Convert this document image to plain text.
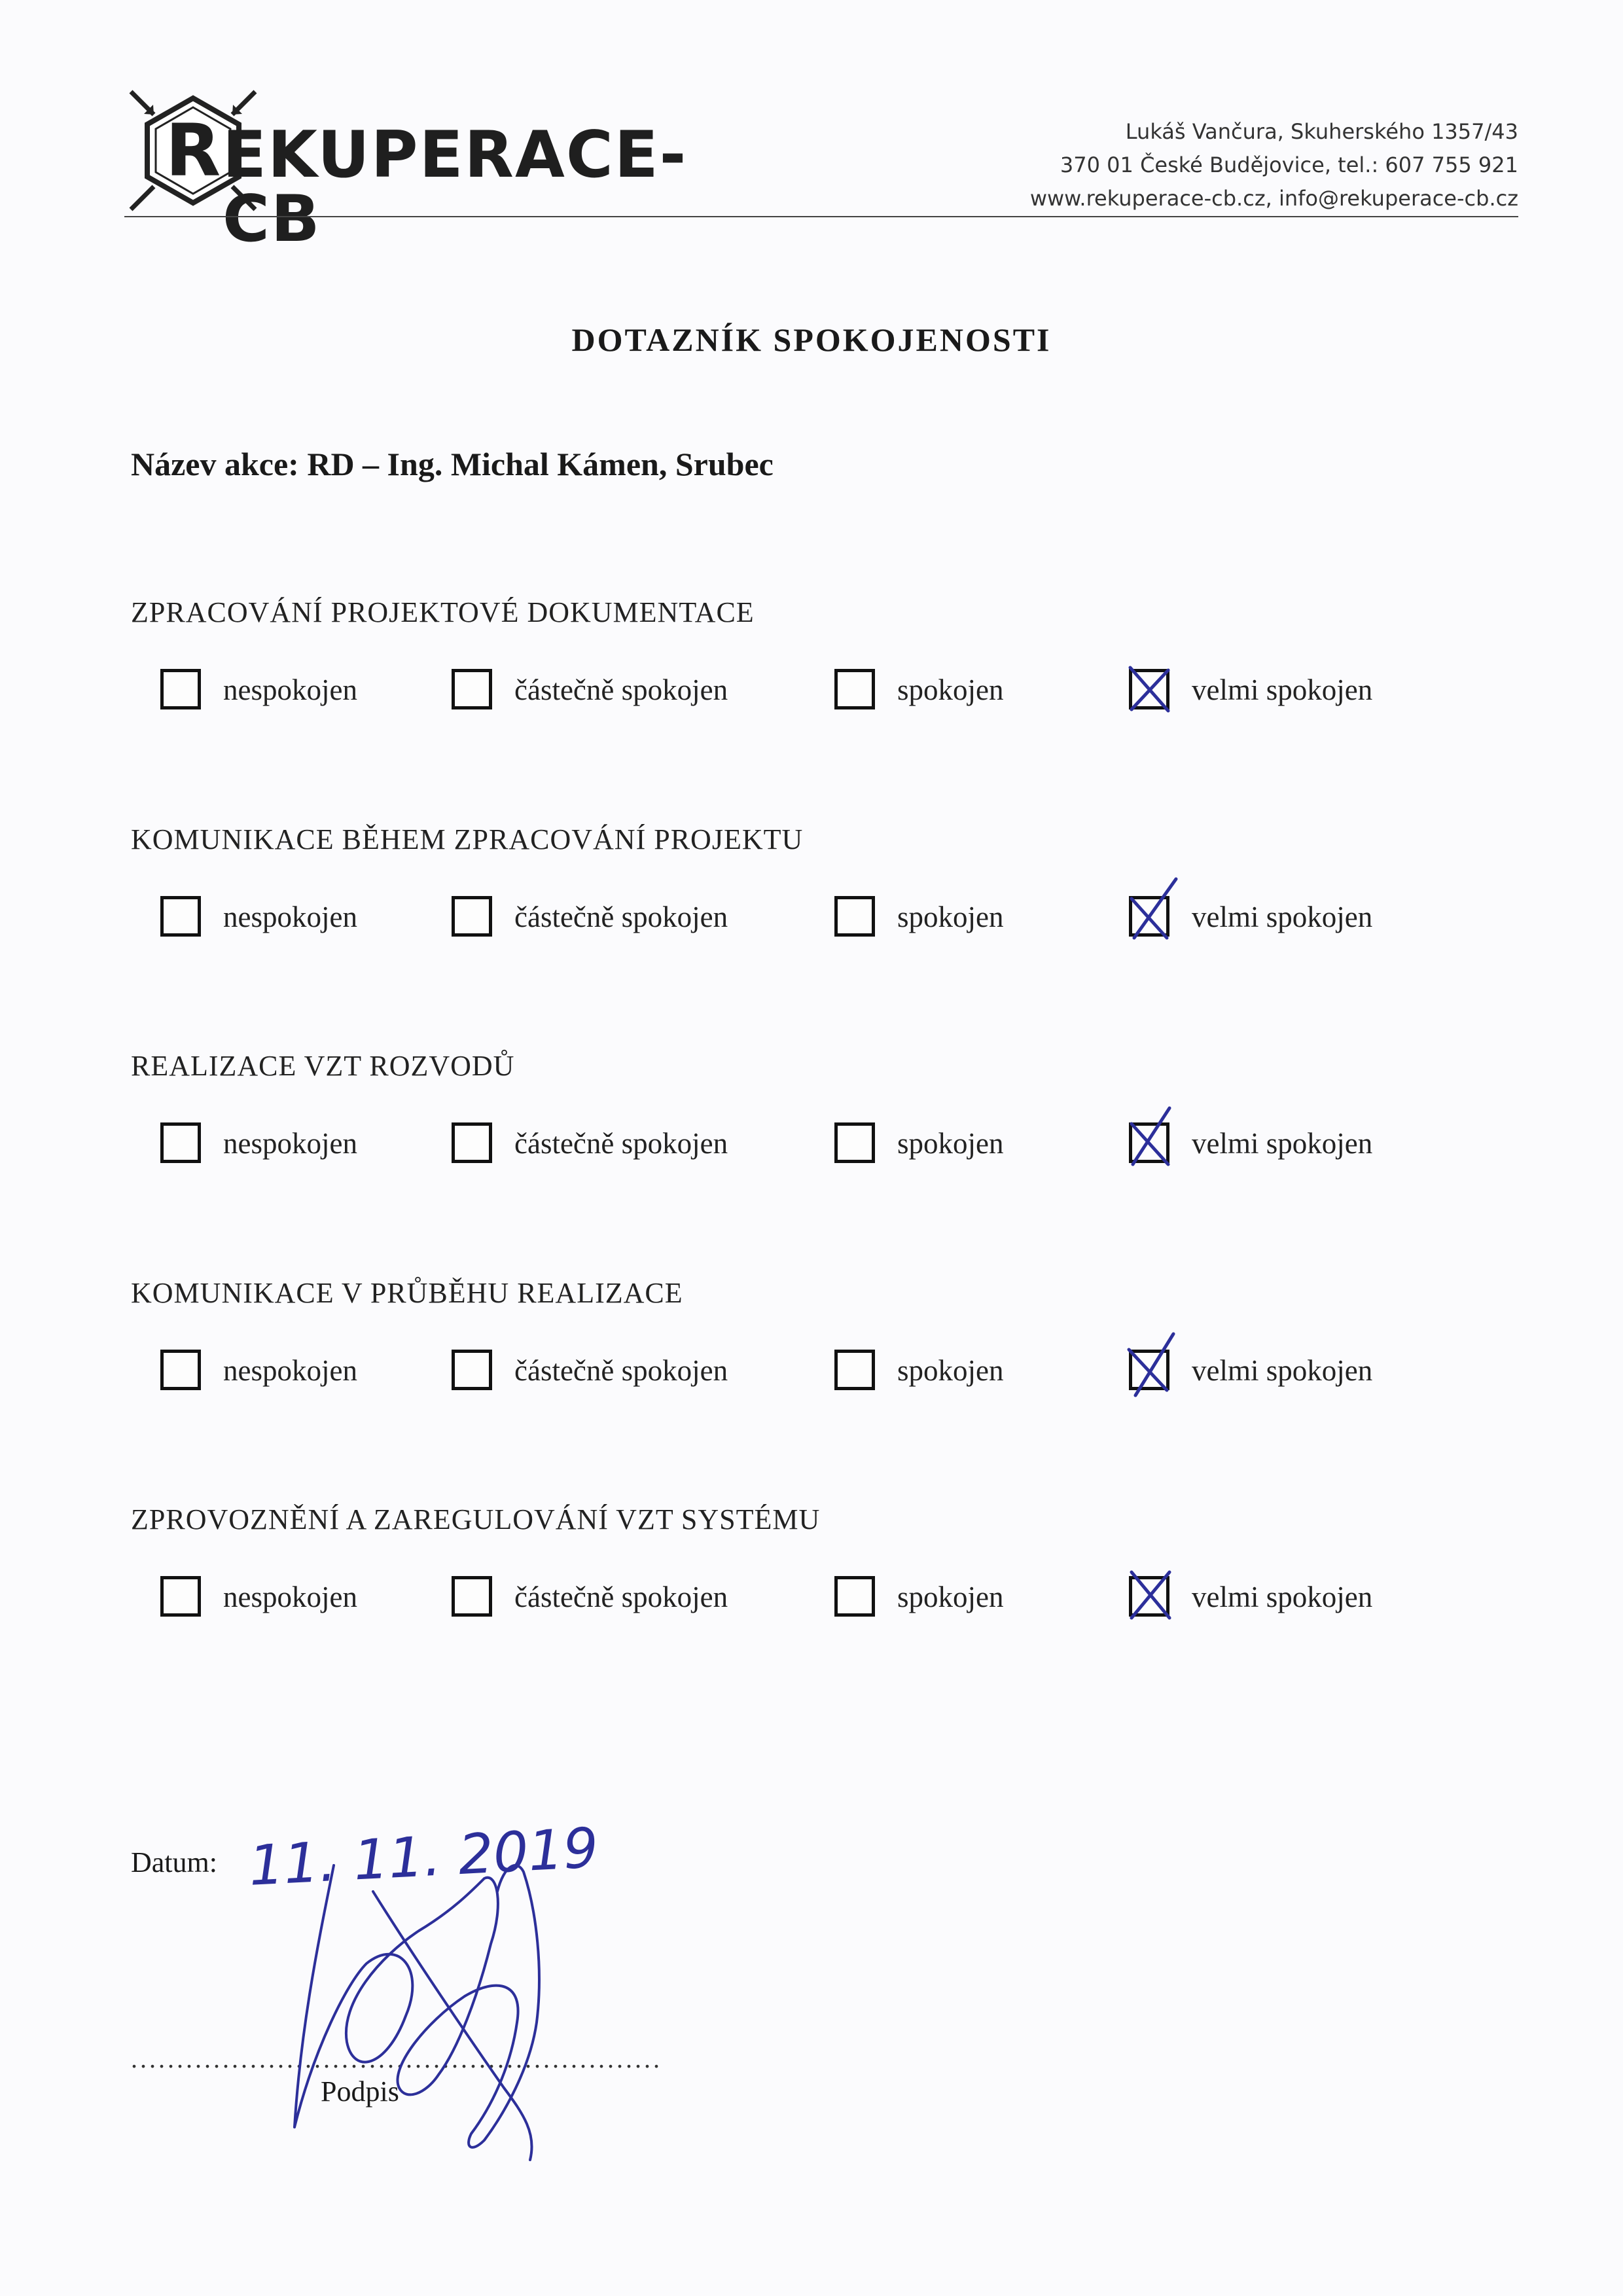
R EKUPERACE-CB
Lukáš Vančura, Skuherského 1357/43
370 01 České Budějovice, tel.: 607 755 921
www.rekuperace-cb.cz, info@rekuperace-cb.cz
DOTAZNÍK SPOKOJENOSTI
Název akce: RD – Ing. Michal Kámen, Srubec
ZPRACOVÁNÍ PROJEKTOVÉ DOKUMENTACE
nespokojen	částečně spokojen	spokojen	velmi spokojen
KOMUNIKACE BĚHEM ZPRACOVÁNÍ PROJEKTU
nespokojen	částečně spokojen	spokojen	velmi spokojen
REALIZACE VZT ROZVODŮ
nespokojen	částečně spokojen	spokojen	velmi spokojen
KOMUNIKACE V PRŮBĚHU REALIZACE
nespokojen	částečně spokojen	spokojen	velmi spokojen
ZPROVOZNĚNÍ A ZAREGULOVÁNÍ VZT SYSTÉMU
nespokojen	částečně spokojen	spokojen	velmi spokojen
Datum: 11. 11. 2019
..........................................................
Podpis
